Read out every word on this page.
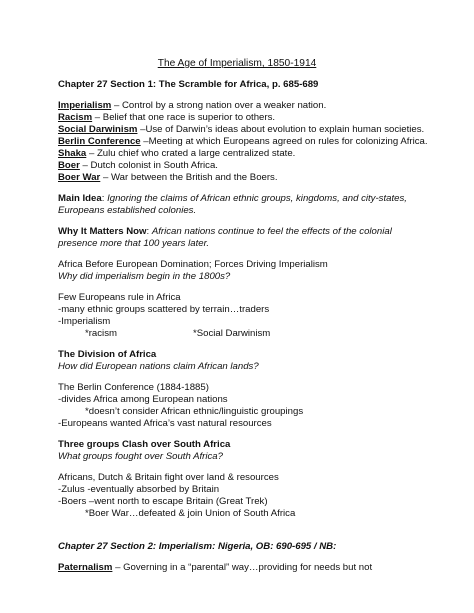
The Age of Imperialism, 1850-1914
Chapter 27 Section 1: The Scramble for Africa, p. 685-689
Imperialism – Control by a strong nation over a weaker nation.
Racism – Belief that one race is superior to others.
Social Darwinism –Use of Darwin’s ideas about evolution to explain human societies.
Berlin Conference –Meeting at which Europeans agreed on rules for colonizing Africa.
Shaka – Zulu chief who crated a large centralized state.
Boer – Dutch colonist in South Africa.
Boer War – War between the British and the Boers.
Main Idea: Ignoring the claims of African ethnic groups, kingdoms, and city-states,
Europeans established colonies.
Why It Matters Now: African nations continue to feel the effects of the colonial
presence more that 100 years later.
Africa Before European Domination; Forces Driving Imperialism
Why did imperialism begin in the 1800s?
Few Europeans rule in Africa
-many ethnic groups scattered by terrain…traders
-Imperialism
*racism	*Social Darwinism
The Division of Africa
How did European nations claim African lands?
The Berlin Conference (1884-1885)
-divides Africa among European nations
*doesn’t consider African ethnic/linguistic groupings
-Europeans wanted Africa’s vast natural resources
Three groups Clash over South Africa
What groups fought over South Africa?
Africans, Dutch & Britain fight over land & resources
-Zulus -eventually absorbed by Britain
-Boers –went north to escape Britain (Great Trek)
*Boer War…defeated & join Union of South Africa
Chapter 27 Section 2: Imperialism: Nigeria, OB: 690-695 / NB:
Paternalism – Governing in a “parental” way…providing for needs but not
